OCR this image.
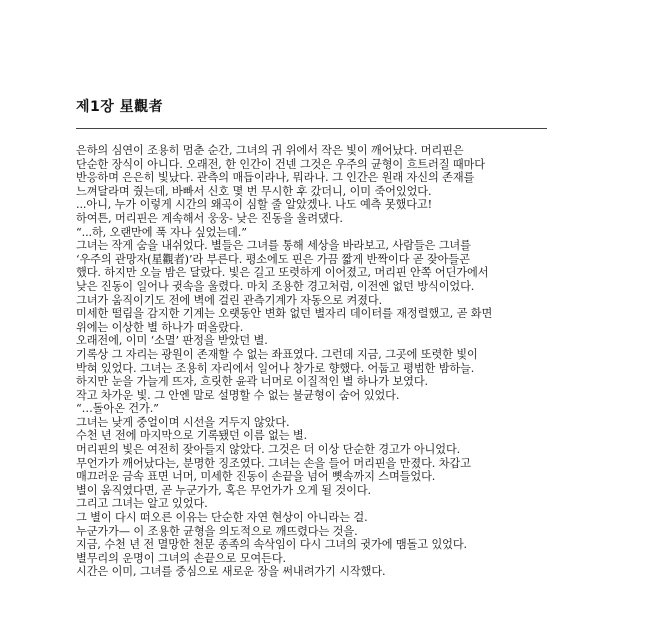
제1장 星觀者
은하의 심연이 조용히 멈춘 순간, 그녀의 귀 위에서 작은 빛이 깨어났다. 머리핀은
단순한 장식이 아니다. 오래전, 한 인간이 건넨 그것은 우주의 균형이 흐트러질 때마다
반응하며 은은히 빛났다. 관측의 매듭이라나, 뭐라나. 그 인간은 원래 자신의 존재를
느껴달라며 줬는데, 바빠서 신호 몇 번 무시한 후 갔더니, 이미 죽어있었다.
...아니, 누가 이렇게 시간의 왜곡이 심할 줄 알았겠나. 나도 예측 못했다고!
하여튼, 머리핀은 계속해서 웅웅- 낮은 진동을 울려댔다.
“...하, 오랜만에 푹 자나 싶었는데.”
그녀는 작게 숨을 내쉬었다. 별들은 그녀를 통해 세상을 바라보고, 사람들은 그녀를
‘우주의 관망자(星觀者)’라 부른다. 평소에도 핀은 가끔 짧게 반짝이다 곧 잦아들곤
했다. 하지만 오늘 밤은 달랐다. 빛은 길고 또렷하게 이어졌고, 머리핀 안쪽 어딘가에서
낮은 진동이 일어나 귓속을 울렸다. 마치 조용한 경고처럼, 이전엔 없던 방식이었다.
그녀가 움직이기도 전에 벽에 걸린 관측기계가 자동으로 켜졌다.
미세한 떨림을 감지한 기계는 오랫동안 변화 없던 별자리 데이터를 재정렬했고, 곧 화면
위에는 이상한 별 하나가 떠올랐다.
오래전에, 이미 ‘소멸’ 판정을 받았던 별.
기록상 그 자리는 광원이 존재할 수 없는 좌표였다. 그런데 지금, 그곳에 또렷한 빛이
박혀 있었다. 그녀는 조용히 자리에서 일어나 창가로 향했다. 어둡고 평범한 밤하늘.
하지만 눈을 가늘게 뜨자, 흐릿한 윤곽 너머로 이질적인 별 하나가 보였다.
작고 차가운 빛. 그 안엔 말로 설명할 수 없는 불균형이 숨어 있었다.
“…돌아온 건가.”
그녀는 낮게 중얼이며 시선을 거두지 않았다.
수천 년 전에 마지막으로 기록됐던 이름 없는 별.
머리핀의 빛은 여전히 잦아들지 않았다. 그것은 더 이상 단순한 경고가 아니었다.
무언가가 깨어났다는, 분명한 징조였다. 그녀는 손을 들어 머리핀을 만졌다. 차갑고
매끄러운 금속 표면 너머, 미세한 진동이 손끝을 넘어 뼛속까지 스며들었다.
별이 움직였다면, 곧 누군가가, 혹은 무언가가 오게 될 것이다.
그리고 그녀는 알고 있었다.
그 별이 다시 떠오른 이유는 단순한 자연 현상이 아니라는 걸.
누군가가— 이 조용한 균형을 의도적으로 깨뜨렸다는 것을.
지금, 수천 년 전 멸망한 천문 종족의 속삭임이 다시 그녀의 귓가에 맴돌고 있었다.
별무리의 운명이 그녀의 손끝으로 모여든다.
시간은 이미, 그녀를 중심으로 새로운 장을 써내려가기 시작했다.
